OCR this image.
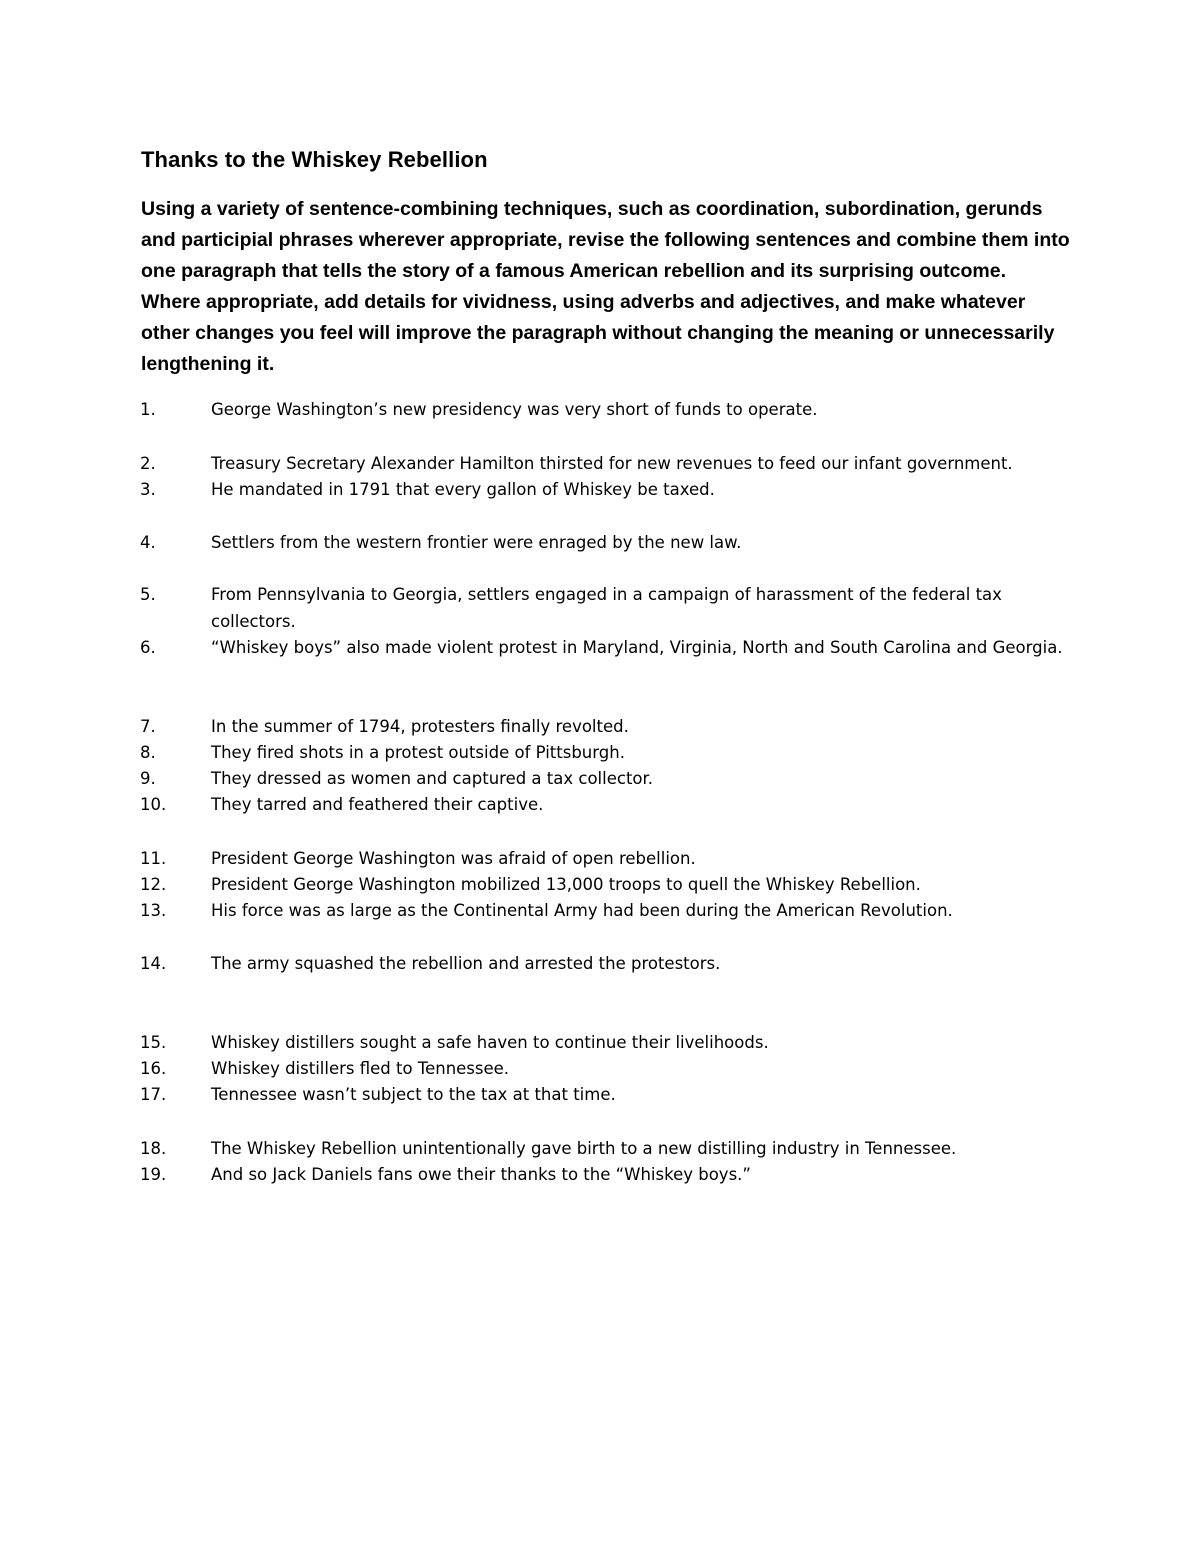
Thanks to the Whiskey Rebellion

Using a variety of sentence-combining techniques, such as coordination, subordination, gerunds and participial phrases wherever appropriate, revise the following sentences and combine them into one paragraph that tells the story of a famous American rebellion and its surprising outcome. Where appropriate, add details for vividness, using adverbs and adjectives, and make whatever other changes you feel will improve the paragraph without changing the meaning or unnecessarily lengthening it.

1.	George Washington’s new presidency was very short of funds to operate.
2.	Treasury Secretary Alexander Hamilton thirsted for new revenues to feed our infant government.
3.	He mandated in 1791 that every gallon of Whiskey be taxed.
4.	Settlers from the western frontier were enraged by the new law.
5.	From Pennsylvania to Georgia, settlers engaged in a campaign of harassment of the federal tax collectors.
6.	“Whiskey boys” also made violent protest in Maryland, Virginia, North and South Carolina and Georgia.
7.	In the summer of 1794, protesters finally revolted.
8.	They fired shots in a protest outside of Pittsburgh.
9.	They dressed as women and captured a tax collector.
10.	They tarred and feathered their captive.
11.	President George Washington was afraid of open rebellion.
12.	President George Washington mobilized 13,000 troops to quell the Whiskey Rebellion.
13.	His force was as large as the Continental Army had been during the American Revolution.
14.	The army squashed the rebellion and arrested the protestors.
15.	Whiskey distillers sought a safe haven to continue their livelihoods.
16.	Whiskey distillers fled to Tennessee.
17.	Tennessee wasn’t subject to the tax at that time.
18.	The Whiskey Rebellion unintentionally gave birth to a new distilling industry in Tennessee.
19.	And so Jack Daniels fans owe their thanks to the “Whiskey boys.”
